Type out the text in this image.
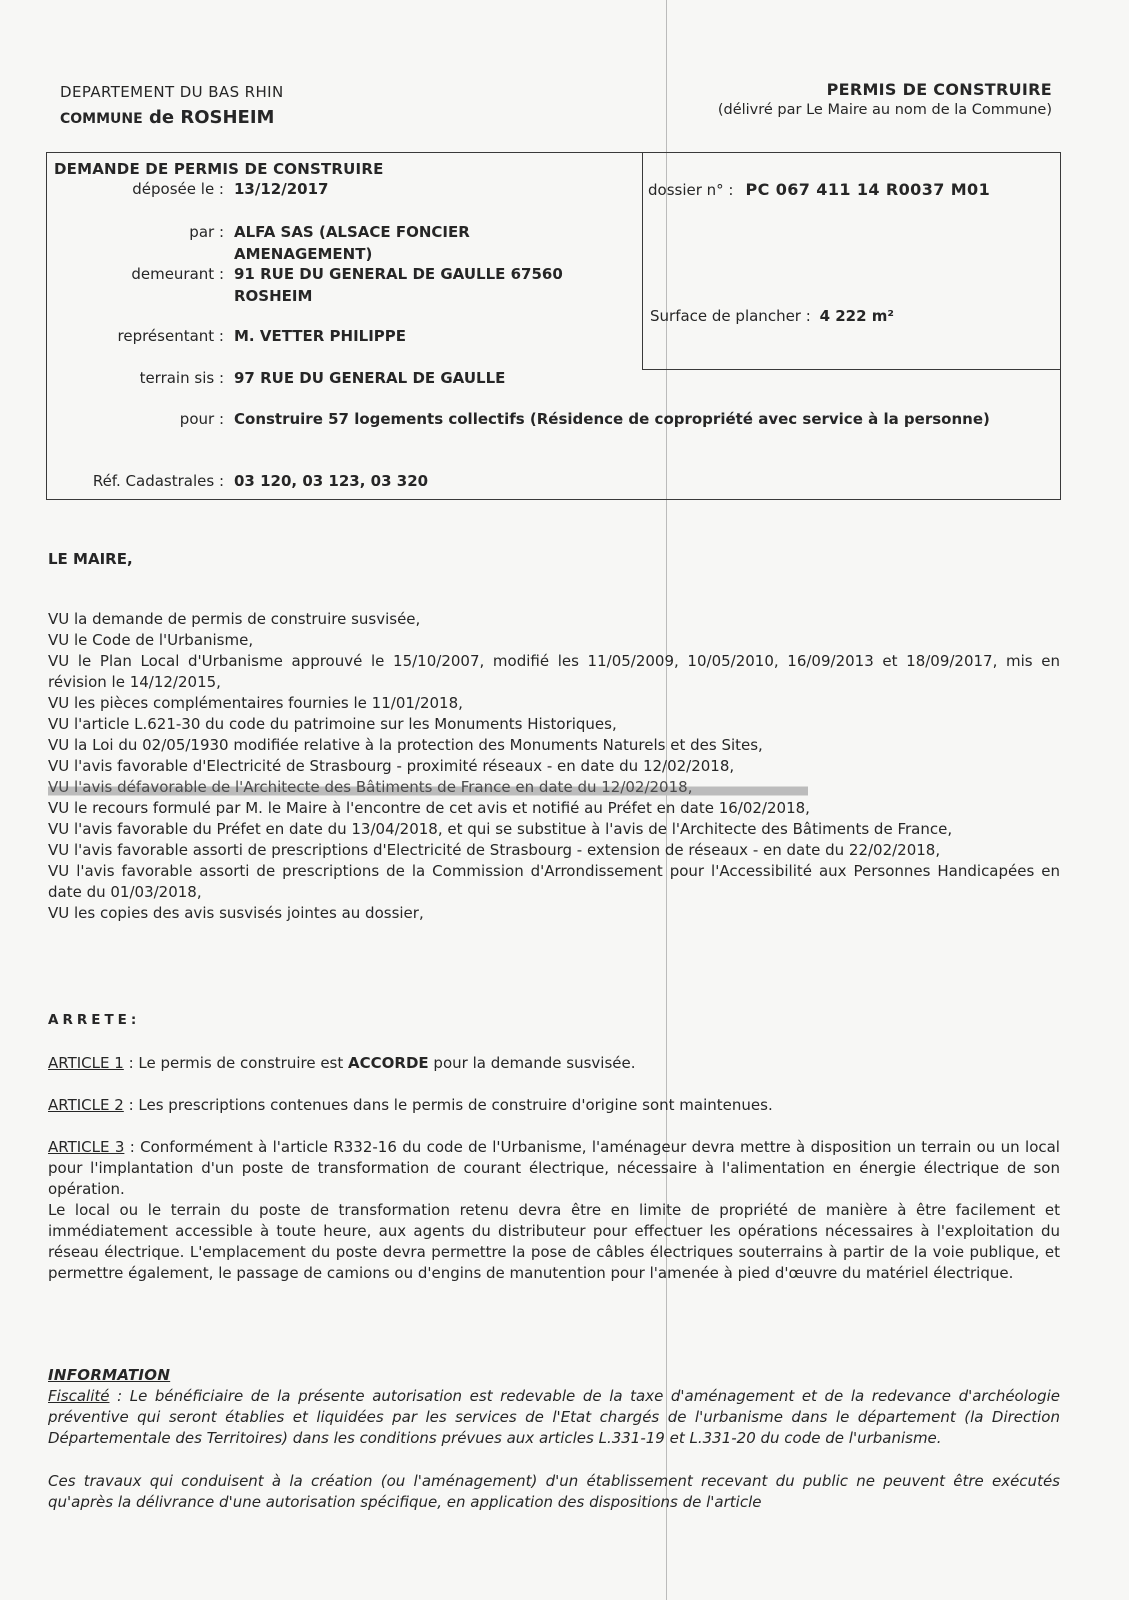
DEPARTEMENT DU BAS RHIN
COMMUNE de ROSHEIM
PERMIS DE CONSTRUIRE
(délivré par Le Maire au nom de la Commune)
DEMANDE DE PERMIS DE CONSTRUIRE
déposée le : 13/12/2017
par : ALFA SAS (ALSACE FONCIER AMENAGEMENT)
demeurant : 91 RUE DU GENERAL DE GAULLE 67560 ROSHEIM
représentant : M. VETTER PHILIPPE
terrain sis : 97 RUE DU GENERAL DE GAULLE
pour : Construire 57 logements collectifs (Résidence de copropriété avec service à la personne)
Réf. Cadastrales : 03 120, 03 123, 03 320
dossier n° : PC 067 411 14 R0037 M01
Surface de plancher : 4 222 m²
LE MAIRE,
VU la demande de permis de construire susvisée,
VU le Code de l'Urbanisme,
VU le Plan Local d'Urbanisme approuvé le 15/10/2007, modifié les 11/05/2009, 10/05/2010, 16/09/2013 et 18/09/2017, mis en révision le 14/12/2015,
VU les pièces complémentaires fournies le 11/01/2018,
VU l'article L.621-30 du code du patrimoine sur les Monuments Historiques,
VU la Loi du 02/05/1930 modifiée relative à la protection des Monuments Naturels et des Sites,
VU l'avis favorable d'Electricité de Strasbourg - proximité réseaux - en date du 12/02/2018,
VU l'avis défavorable de l'Architecte des Bâtiments de France en date du 12/02/2018,
VU le recours formulé par M. le Maire à l'encontre de cet avis et notifié au Préfet en date 16/02/2018,
VU l'avis favorable du Préfet en date du 13/04/2018, et qui se substitue à l'avis de l'Architecte des Bâtiments de France,
VU l'avis favorable assorti de prescriptions d'Electricité de Strasbourg - extension de réseaux - en date du 22/02/2018,
VU l'avis favorable assorti de prescriptions de la Commission d'Arrondissement pour l'Accessibilité aux Personnes Handicapées en date du 01/03/2018,
VU les copies des avis susvisés jointes au dossier,
ARRETE:
ARTICLE 1 : Le permis de construire est ACCORDE pour la demande susvisée.
ARTICLE 2 : Les prescriptions contenues dans le permis de construire d'origine sont maintenues.
ARTICLE 3 : Conformément à l'article R332-16 du code de l'Urbanisme, l'aménageur devra mettre à disposition un terrain ou un local pour l'implantation d'un poste de transformation de courant électrique, nécessaire à l'alimentation en énergie électrique de son opération.
Le local ou le terrain du poste de transformation retenu devra être en limite de propriété de manière à être facilement et immédiatement accessible à toute heure, aux agents du distributeur pour effectuer les opérations nécessaires à l'exploitation du réseau électrique. L'emplacement du poste devra permettre la pose de câbles électriques souterrains à partir de la voie publique, et permettre également, le passage de camions ou d'engins de manutention pour l'amenée à pied d'œuvre du matériel électrique.
INFORMATION

Fiscalité : Le bénéficiaire de la présente autorisation est redevable de la taxe d'aménagement et de la redevance d'archéologie préventive qui seront établies et liquidées par les services de l'Etat chargés de l'urbanisme dans le département (la Direction Départementale des Territoires) dans les conditions prévues aux articles L.331-19 et L.331-20 du code de l'urbanisme.

Ces travaux qui conduisent à la création (ou l'aménagement) d'un établissement recevant du public ne peuvent être exécutés qu'après la délivrance d'une autorisation spécifique, en application des dispositions de l'article
